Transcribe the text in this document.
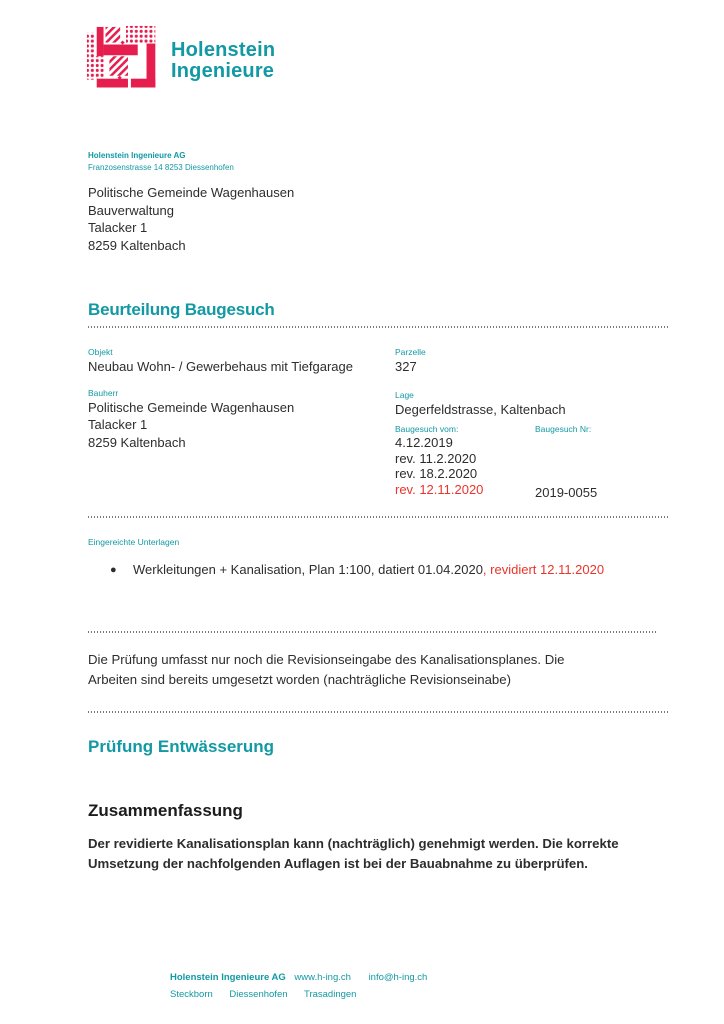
Holenstein
Ingenieure
Holenstein Ingenieure AG
Franzosenstrasse 14 8253 Diessenhofen
Politische Gemeinde Wagenhausen
Bauverwaltung
Talacker 1
8259 Kaltenbach
Beurteilung Baugesuch
Objekt
Neubau Wohn- / Gewerbehaus mit Tiefgarage
Parzelle
327
Bauherr
Politische Gemeinde Wagenhausen
Talacker 1
8259 Kaltenbach
Lage
Degerfeldstrasse, Kaltenbach
Baugesuch vom:
4.12.2019
rev. 11.2.2020
rev. 18.2.2020
rev. 12.11.2020
Baugesuch Nr:
2019-0055
Eingereichte Unterlagen
● Werkleitungen + Kanalisation, Plan 1:100, datiert 01.04.2020, revidiert 12.11.2020
Die Prüfung umfasst nur noch die Revisionseingabe des Kanalisationsplanes. Die
Arbeiten sind bereits umgesetzt worden (nachträgliche Revisionseinabe)
Prüfung Entwässerung
Zusammenfassung
Der revidierte Kanalisationsplan kann (nachträglich) genehmigt werden. Die korrekte
Umsetzung der nachfolgenden Auflagen ist bei der Bauabnahme zu überprüfen.
Holenstein Ingenieure AG www.h-ing.ch info@h-ing.ch
Steckborn Diessenhofen Trasadingen
